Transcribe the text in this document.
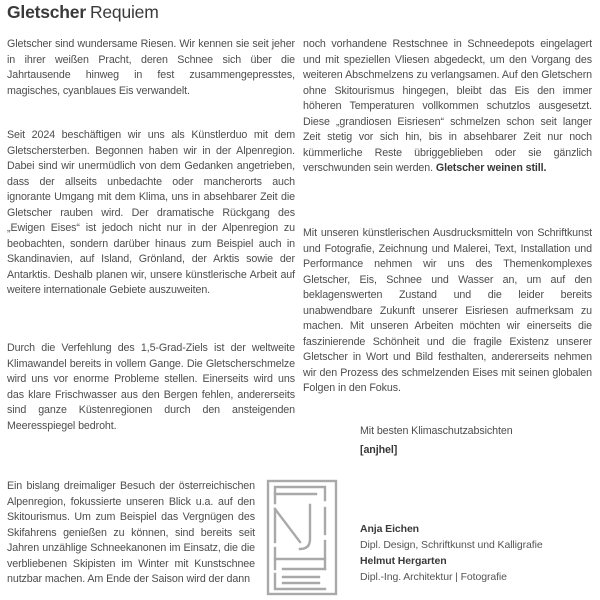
Gletscher Requiem

Gletscher sind wundersame Riesen. Wir kennen sie seit jeher in ihrer weißen Pracht, deren Schnee sich über die Jahrtausende hinweg in fest zusammengepresstes, magisches, cyanblaues Eis verwandelt.

Seit 2024 beschäftigen wir uns als Künstlerduo mit dem Gletschersterben. Begonnen haben wir in der Alpenregion. Dabei sind wir unermüdlich von dem Gedanken angetrieben, dass der allseits unbedachte oder mancherorts auch ignorante Umgang mit dem Klima, uns in absehbarer Zeit die Gletscher rauben wird. Der dramatische Rückgang des „Ewigen Eises“ ist jedoch nicht nur in der Alpenregion zu beobachten, sondern darüber hinaus zum Beispiel auch in Skandinavien, auf Island, Grönland, der Arktis sowie der Antarktis. Deshalb planen wir, unsere künstlerische Arbeit auf weitere internationale Gebiete auszuweiten.

Durch die Verfehlung des 1,5-Grad-Ziels ist der weltweite Klimawandel bereits in vollem Gange. Die Gletscherschmelze wird uns vor enorme Probleme stellen. Einerseits wird uns das klare Frischwasser aus den Bergen fehlen, andererseits sind ganze Küstenregionen durch den ansteigenden Meeresspiegel bedroht.

Ein bislang dreimaliger Besuch der österreichischen Alpenregion, fokussierte unseren Blick u.a. auf den Skitourismus. Um zum Beispiel das Vergnügen des Skifahrens genießen zu können, sind bereits seit Jahren unzählige Schneekanonen im Einsatz, die die verbliebenen Skipisten im Winter mit Kunstschnee nutzbar machen. Am Ende der Saison wird der dann

noch vorhandene Restschnee in Schneedepots eingelagert und mit speziellen Vliesen abgedeckt, um den Vorgang des weiteren Abschmelzens zu verlangsamen. Auf den Gletschern ohne Skitourismus hingegen, bleibt das Eis den immer höheren Temperaturen vollkommen schutzlos ausgesetzt. Diese „grandiosen Eisriesen“ schmelzen schon seit langer Zeit stetig vor sich hin, bis in absehbarer Zeit nur noch kümmerliche Reste übriggeblieben oder sie gänzlich verschwunden sein werden. Gletscher weinen still.

Mit unseren künstlerischen Ausdrucksmitteln von Schriftkunst und Fotografie, Zeichnung und Malerei, Text, Installation und Performance nehmen wir uns des Themenkomplexes Gletscher, Eis, Schnee und Wasser an, um auf den beklagenswerten Zustand und die leider bereits unabwendbare Zukunft unserer Eisriesen aufmerksam zu machen. Mit unseren Arbeiten möchten wir einerseits die faszinierende Schönheit und die fragile Existenz unserer Gletscher in Wort und Bild festhalten, andererseits nehmen wir den Prozess des schmelzenden Eises mit seinen globalen Folgen in den Fokus.

Mit besten Klimaschutzabsichten
[anjhel]
Anja Eichen
Dipl. Design, Schriftkunst und Kalligrafie
Helmut Hergarten
Dipl.-Ing. Architektur | Fotografie
